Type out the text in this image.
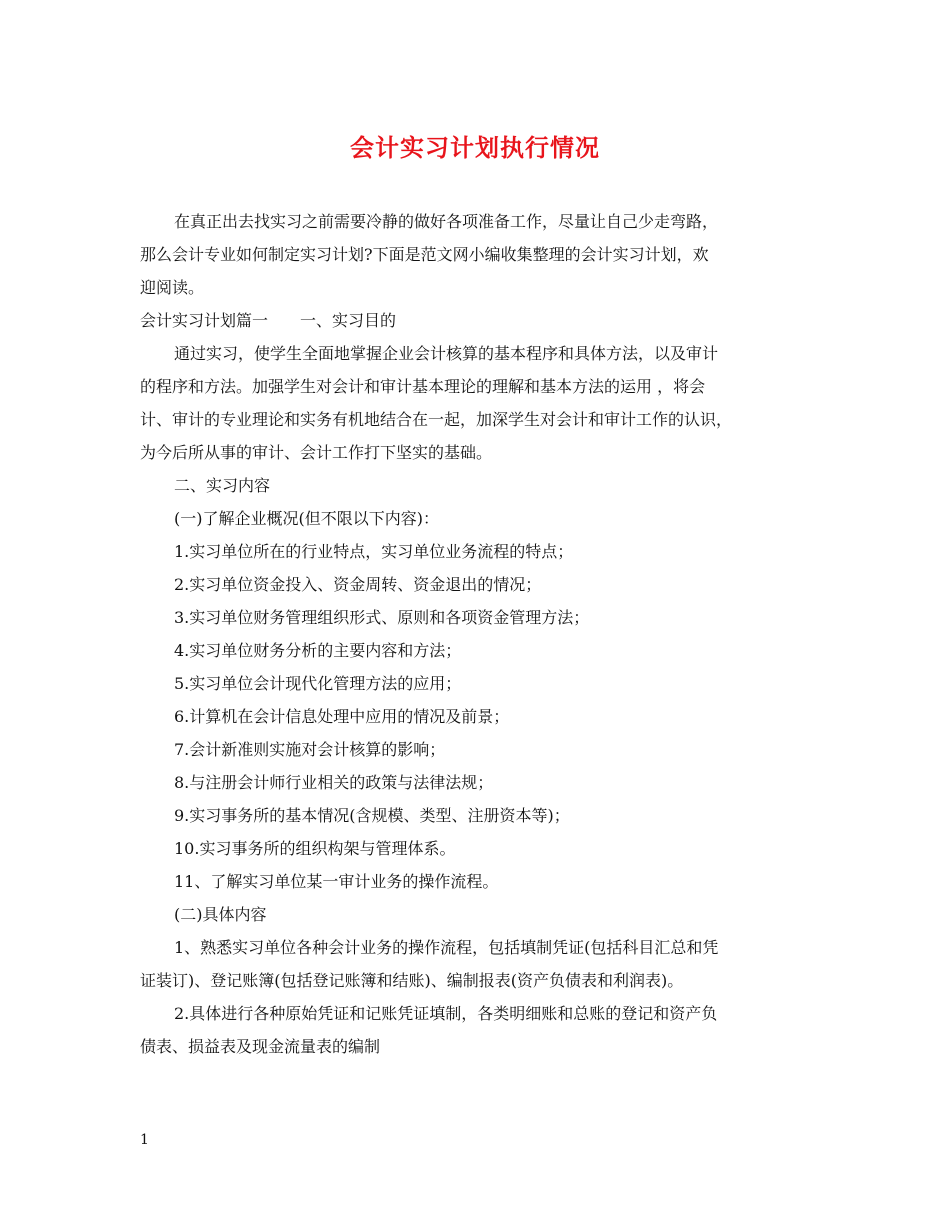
会计实习计划执行情况

在真正出去找实习之前需要冷静的做好各项准备工作，尽量让自己少走弯路，

那么会计专业如何制定实习计划?下面是范文网小编收集整理的会计实习计划，欢

迎阅读。

会计实习计划篇一　　一、实习目的

通过实习，使学生全面地掌握企业会计核算的基本程序和具体方法，以及审计

的程序和方法。加强学生对会计和审计基本理论的理解和基本方法的运用 ，将会

计、审计的专业理论和实务有机地结合在一起，加深学生对会计和审计工作的认识，

为今后所从事的审计、会计工作打下坚实的基础。

二、实习内容

(一)了解企业概况(但不限以下内容)：

1.实习单位所在的行业特点，实习单位业务流程的特点；

2.实习单位资金投入、资金周转、资金退出的情况；

3.实习单位财务管理组织形式、原则和各项资金管理方法；

4.实习单位财务分析的主要内容和方法；

5.实习单位会计现代化管理方法的应用；

6.计算机在会计信息处理中应用的情况及前景；

7.会计新准则实施对会计核算的影响；

8.与注册会计师行业相关的政策与法律法规；

9.实习事务所的基本情况(含规模、类型、注册资本等)；

10.实习事务所的组织构架与管理体系。

11、了解实习单位某一审计业务的操作流程。

(二)具体内容

1、熟悉实习单位各种会计业务的操作流程，包括填制凭证(包括科目汇总和凭

证装订)、登记账簿(包括登记账簿和结账)、编制报表(资产负债表和利润表)。

2.具体进行各种原始凭证和记账凭证填制，各类明细账和总账的登记和资产负

债表、损益表及现金流量表的编制

1
